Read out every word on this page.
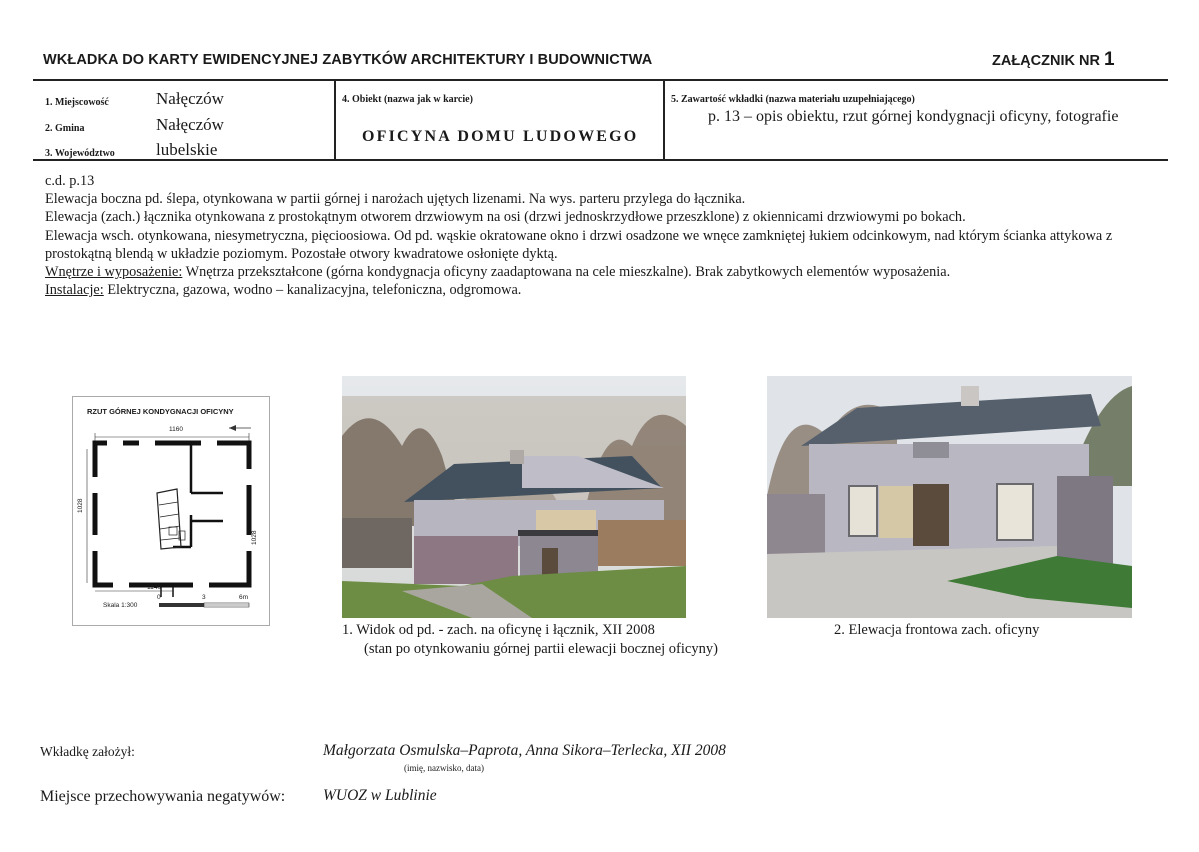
WKŁADKA DO KARTY EWIDENCYJNEJ ZABYTKÓW ARCHITEKTURY I BUDOWNICTWA	ZAŁĄCZNIK NR 1
1. Miejscowość	Nałęczów
2. Gmina	Nałęczów
3. Województwo lubelskie
4. Obiekt (nazwa jak w karcie)
OFICYNA DOMU LUDOWEGO
5. Zawartość wkładki (nazwa materiału uzupełniającego)
p. 13 – opis obiektu, rzut górnej kondygnacji oficyny, fotografie

c.d. p.13

Elewacja boczna pd. ślepa, otynkowana w partii górnej i narożach ujętych lizenami. Na wys. parteru przylega do łącznika.

Elewacja (zach.) łącznika otynkowana z prostokątnym otworem drzwiowym na osi (drzwi jednoskrzydłowe przeszklone) z okiennicami drzwiowymi po bokach.

Elewacja wsch. otynkowana, niesymetryczna, pięcioosiowa. Od pd. wąskie okratowane okno i drzwi osadzone we wnęce zamkniętej łukiem odcinkowym, nad którym ścianka attykowa z prostokątną blendą w układzie poziomym. Pozostałe otwory kwadratowe osłonięte dyktą.

Wnętrze i wyposażenie: Wnętrza przekształcone (górna kondygnacja oficyny zaadaptowana na cele mieszkalne). Brak zabytkowych elementów wyposażenia.

Instalacje: Elektryczna, gazowa, wodno – kanalizacyjna, telefoniczna, odgromowa.

RZUT GÓRNEJ KONDYGNACJI OFICYNY
1160
1028
1028
1140
Skala 1:300
0	3	6m
1. Widok od pd. - zach. na oficynę i łącznik, XII 2008
(stan po otynkowaniu górnej partii elewacji bocznej oficyny)
2. Elewacja frontowa zach. oficyny
Wkładkę założył:	Małgorzata Osmulska–Paprota, Anna Sikora–Terlecka, XII 2008
(imię, nazwisko, data)
Miejsce przechowywania negatywów: WUOZ w Lublinie
